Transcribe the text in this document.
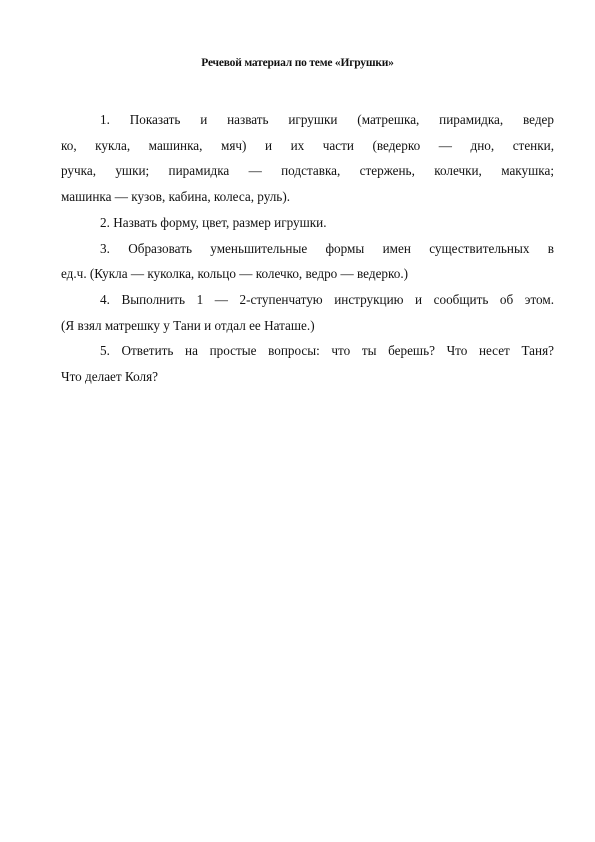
Речевой материал по теме «Игрушки»
1. Показать и назвать игрушки (матрешка, пирамидка, ведер
ко, кукла, машинка, мяч) и их части (ведерко — дно, стенки,
ручка, ушки; пирамидка — подставка, стержень, колечки, макушка;
машинка — кузов, кабина, колеса, руль).
2. Назвать форму, цвет, размер игрушки.
3. Образовать уменьшительные формы имен существительных в
ед.ч. (Кукла — куколка, кольцо — колечко, ведро — ведерко.)
4. Выполнить 1 — 2-ступенчатую инструкцию и сообщить об этом.
(Я взял матрешку у Тани и отдал ее Наташе.)
5. Ответить на простые вопросы: что ты берешь? Что несет Таня?
Что делает Коля?
